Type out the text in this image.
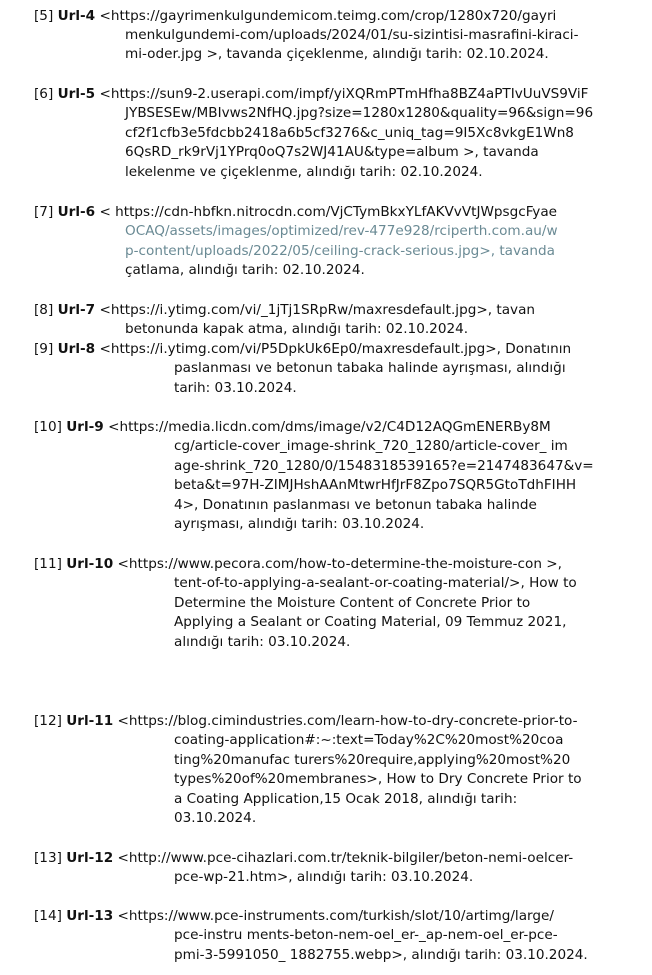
[5] Url-4 <https://gayrimenkulgundemicom.teimg.com/crop/1280x720/gayri
menkulgundemi-com/uploads/2024/01/su-sizintisi-masrafini-kiraci-
mi-oder.jpg >, tavanda çiçeklenme, alındığı tarih: 02.10.2024.
[6] Url-5 <https://sun9-2.userapi.com/impf/yiXQRmPTmHfha8BZ4aPTIvUuVS9ViF
JYBSESEw/MBIvws2NfHQ.jpg?size=1280x1280&quality=96&sign=96
cf2f1cfb3e5fdcbb2418a6b5cf3276&c_uniq_tag=9I5Xc8vkgE1Wn8
6QsRD_rk9rVj1YPrq0oQ7s2WJ41AU&type=album >, tavanda
lekelenme ve çiçeklenme, alındığı tarih: 02.10.2024.
[7] Url-6 < https://cdn-hbfkn.nitrocdn.com/VjCTymBkxYLfAKVvVtJWpsgcFyae
OCAQ/assets/images/optimized/rev-477e928/rciperth.com.au/w
p-content/uploads/2022/05/ceiling-crack-serious.jpg>, tavanda
çatlama, alındığı tarih: 02.10.2024.
[8] Url-7 <https://i.ytimg.com/vi/_1jTj1SRpRw/maxresdefault.jpg>, tavan
betonunda kapak atma, alındığı tarih: 02.10.2024.
[9] Url-8 <https://i.ytimg.com/vi/P5DpkUk6Ep0/maxresdefault.jpg>, Donatının
paslanması ve betonun tabaka halinde ayrışması, alındığı
tarih: 03.10.2024.
[10] Url-9 <https://media.licdn.com/dms/image/v2/C4D12AQGmENERBy8M
cg/article-cover_image-shrink_720_1280/article-cover_ im
age-shrink_720_1280/0/1548318539165?e=2147483647&v=
beta&t=97H-ZIMJHshAAnMtwrHfJrF8Zpo7SQR5GtoTdhFIHH
4>, Donatının paslanması ve betonun tabaka halinde
ayrışması, alındığı tarih: 03.10.2024.
[11] Url-10 <https://www.pecora.com/how-to-determine-the-moisture-con >,
tent-of-to-applying-a-sealant-or-coating-material/>, How to
Determine the Moisture Content of Concrete Prior to
Applying a Sealant or Coating Material, 09 Temmuz 2021,
alındığı tarih: 03.10.2024.
[12] Url-11 <https://blog.cimindustries.com/learn-how-to-dry-concrete-prior-to-
coating-application#:~:text=Today%2C%20most%20coa
ting%20manufac turers%20require,applying%20most%20
types%20of%20membranes>, How to Dry Concrete Prior to
a Coating Application,15 Ocak 2018, alındığı tarih:
03.10.2024.
[13] Url-12 <http://www.pce-cihazlari.com.tr/teknik-bilgiler/beton-nemi-oelcer-
pce-wp-21.htm>, alındığı tarih: 03.10.2024.
[14] Url-13 <https://www.pce-instruments.com/turkish/slot/10/artimg/large/
pce-instru ments-beton-nem-oel_er-_ap-nem-oel_er-pce-
pmi-3-5991050_ 1882755.webp>, alındığı tarih: 03.10.2024.
